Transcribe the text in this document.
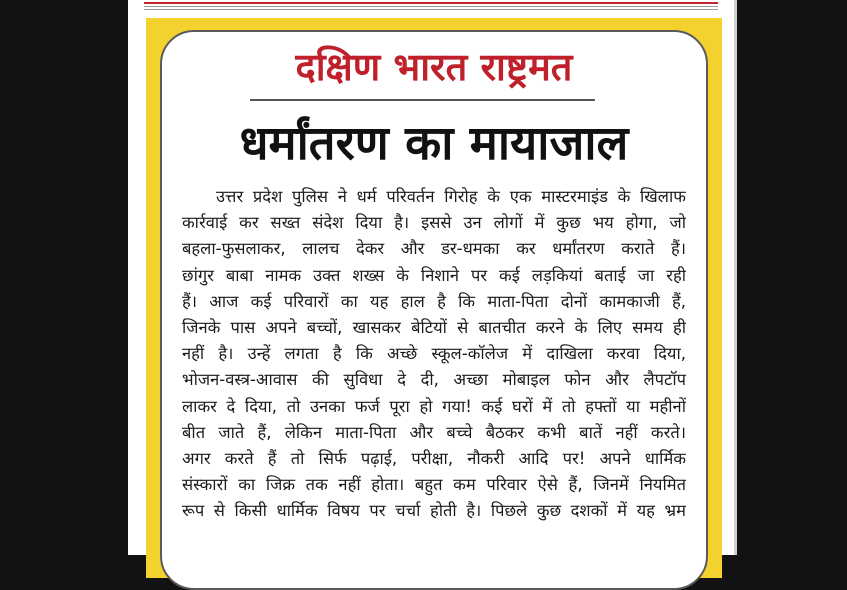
दक्षिण भारत राष्ट्रमत
धर्मांतरण का मायाजाल
उत्तर प्रदेश पुलिस ने धर्म परिवर्तन गिरोह के एक मास्टरमाइंड के खिलाफ
कार्रवाई कर सख्त संदेश दिया है। इससे उन लोगों में कुछ भय होगा, जो
बहला-फुसलाकर, लालच देकर और डर-धमका कर धर्मांतरण कराते हैं।
छांगुर बाबा नामक उक्त शख्स के निशाने पर कई लड़कियां बताई जा रही
हैं। आज कई परिवारों का यह हाल है कि माता-पिता दोनों कामकाजी हैं,
जिनके पास अपने बच्चों, खासकर बेटियों से बातचीत करने के लिए समय ही
नहीं है। उन्हें लगता है कि अच्छे स्कूल-कॉलेज में दाखिला करवा दिया,
भोजन-वस्त्र-आवास की सुविधा दे दी, अच्छा मोबाइल फोन और लैपटॉप
लाकर दे दिया, तो उनका फर्ज पूरा हो गया! कई घरों में तो हफ्तों या महीनों
बीत जाते हैं, लेकिन माता-पिता और बच्चे बैठकर कभी बातें नहीं करते।
अगर करते हैं तो सिर्फ पढ़ाई, परीक्षा, नौकरी आदि पर! अपने धार्मिक
संस्कारों का जिक्र तक नहीं होता। बहुत कम परिवार ऐसे हैं, जिनमें नियमित
रूप से किसी धार्मिक विषय पर चर्चा होती है। पिछले कुछ दशकों में यह भ्रम
